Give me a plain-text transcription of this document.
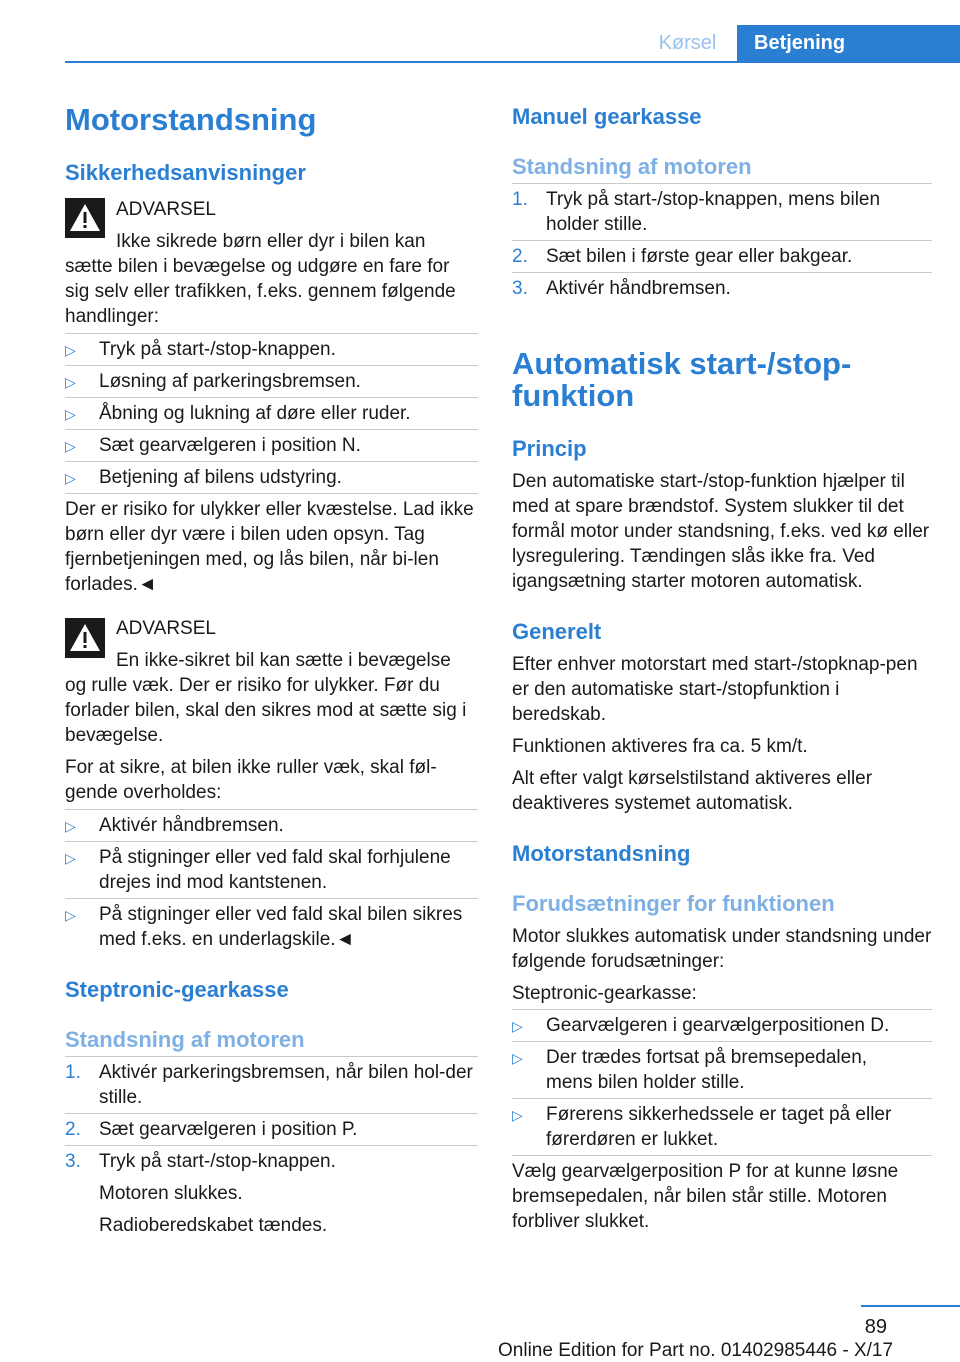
Kørsel	Betjening
Motorstandsning
Sikkerhedsanvisninger
ADVARSEL
Ikke sikrede børn eller dyr i bilen kan
sætte bilen i bevægelse og udgøre en fare for sig selv eller trafikken, f.eks. gennem følgende handlinger:
▷ Tryk på start-/stop-knappen.
▷ Løsning af parkeringsbremsen.
▷ Åbning og lukning af døre eller ruder.
▷ Sæt gearvælgeren i position N.
▷ Betjening af bilens udstyring.
Der er risiko for ulykker eller kvæstelse. Lad ikke børn eller dyr være i bilen uden opsyn. Tag fjernbetjeningen med, og lås bilen, når bi‐len forlades.◄
ADVARSEL
En ikke-sikret bil kan sætte i bevægelse
og rulle væk. Der er risiko for ulykker. Før du forlader bilen, skal den sikres mod at sætte sig i bevægelse.
For at sikre, at bilen ikke ruller væk, skal føl‐gende overholdes:
▷ Aktivér håndbremsen.
▷ På stigninger eller ved fald skal forhjulene drejes ind mod kantstenen.
▷ På stigninger eller ved fald skal bilen sikres med f.eks. en underlagskile.◄
Steptronic-gearkasse
Standsning af motoren
1. Aktivér parkeringsbremsen, når bilen hol‐der stille.
2. Sæt gearvælgeren i position P.
3. Tryk på start-/stop-knappen.
Motoren slukkes.
Radioberedskabet tændes.
Manuel gearkasse
Standsning af motoren
1. Tryk på start-/stop-knappen, mens bilen holder stille.
2. Sæt bilen i første gear eller bakgear.
3. Aktivér håndbremsen.
Automatisk start-/stop-funktion
Princip
Den automatiske start-/stop-funktion hjælper til med at spare brændstof. System slukker til det formål motor under standsning, f.eks. ved kø eller lysregulering. Tændingen slås ikke fra. Ved igangsætning starter motoren automatisk.
Generelt
Efter enhver motorstart med start-/stopknap‐pen er den automatiske start-/stopfunktion i beredskab.
Funktionen aktiveres fra ca. 5 km/t.
Alt efter valgt kørselstilstand aktiveres eller deaktiveres systemet automatisk.
Motorstandsning
Forudsætninger for funktionen
Motor slukkes automatisk under standsning under følgende forudsætninger:
Steptronic-gearkasse:
▷ Gearvælgeren i gearvælgerpositionen D.
▷ Der trædes fortsat på bremsepedalen, mens bilen holder stille.
▷ Førerens sikkerhedssele er taget på eller førerdøren er lukket.
Vælg gearvælgerposition P for at kunne løsne bremsepedalen, når bilen står stille. Motoren forbliver slukket.
89
Online Edition for Part no. 01402985446 - X/17
